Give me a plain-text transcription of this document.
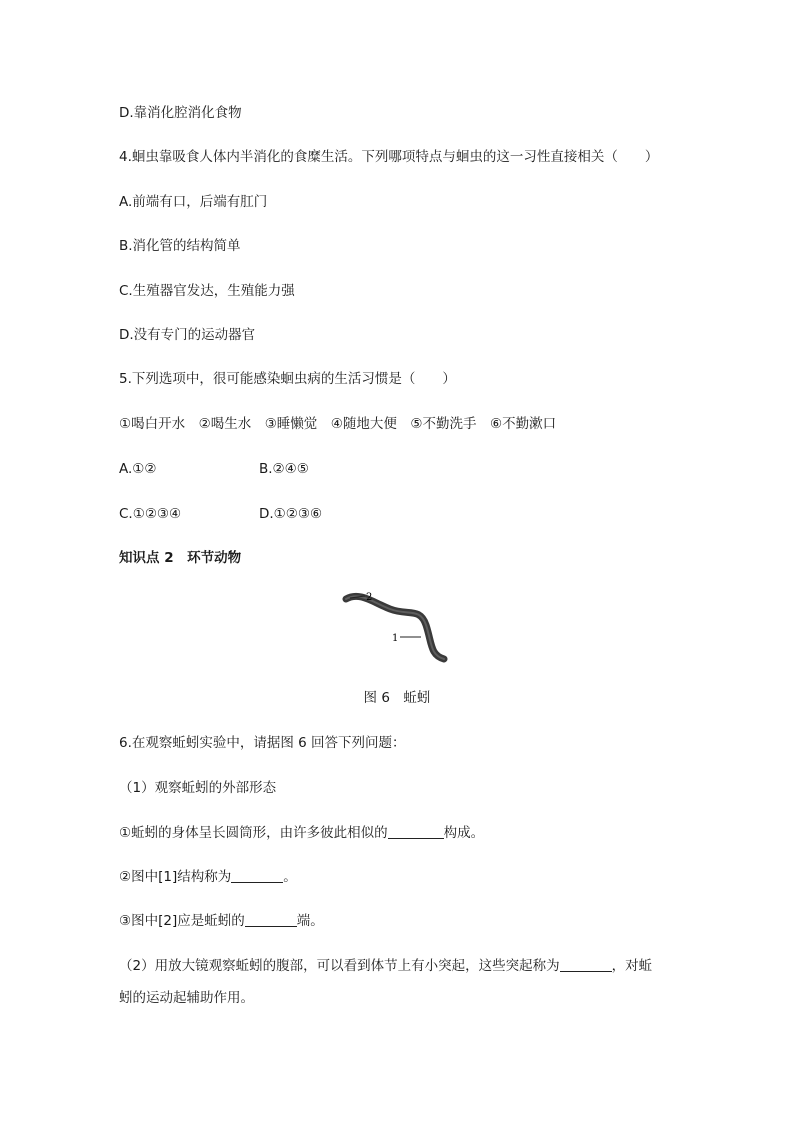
D.靠消化腔消化食物
4.蛔虫靠吸食人体内半消化的食糜生活。下列哪项特点与蛔虫的这一习性直接相关（　　）
A.前端有口，后端有肛门
B.消化管的结构简单
C.生殖器官发达，生殖能力强
D.没有专门的运动器官
5.下列选项中，很可能感染蛔虫病的生活习惯是（　　）
①喝白开水　②喝生水　③睡懒觉　④随地大便　⑤不勤洗手　⑥不勤漱口
A.①②	B.②④⑤
C.①②③④	D.①②③⑥
知识点 2　环节动物
2
1
图 6　蚯蚓
6.在观察蚯蚓实验中，请据图 6 回答下列问题：
（1）观察蚯蚓的外部形态
①蚯蚓的身体呈长圆筒形，由许多彼此相似的	构成。
②图中[1]结构称为	。
③图中[2]应是蚯蚓的	端。
（2）用放大镜观察蚯蚓的腹部，可以看到体节上有小突起，这些突起称为	，对蚯
蚓的运动起辅助作用。
